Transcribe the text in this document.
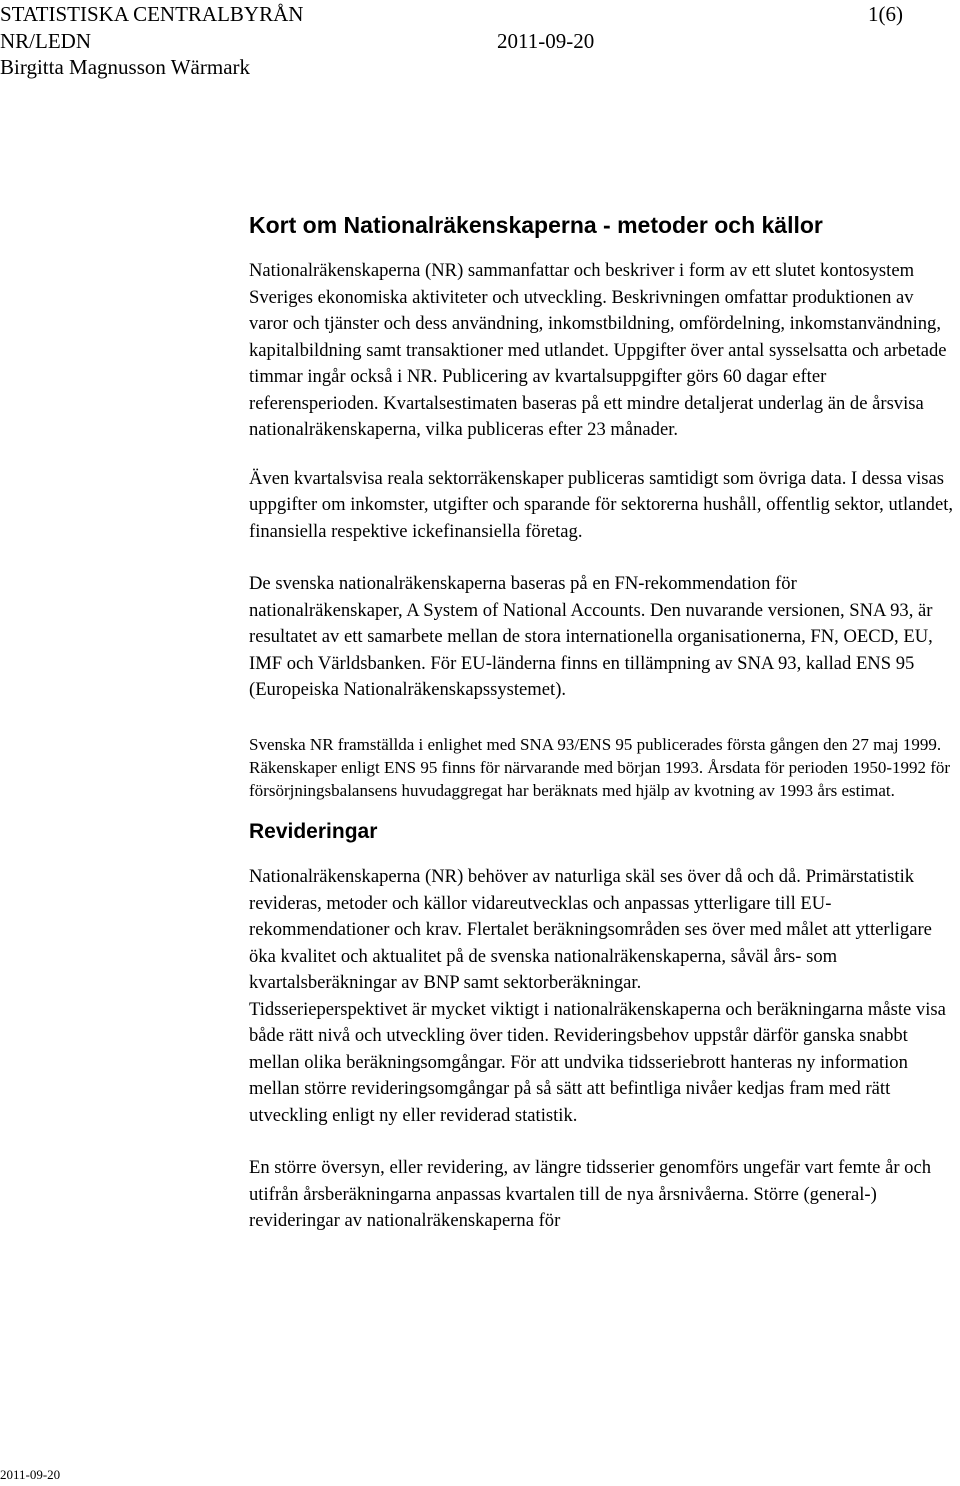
STATISTISKA CENTRALBYRÅN	1(6)
NR/LEDN	2011-09-20
Birgitta Magnusson Wärmark
Kort om Nationalräkenskaperna - metoder och källor

Nationalräkenskaperna (NR) sammanfattar och beskriver i form av ett slutet kontosystem Sveriges ekonomiska aktiviteter och utveckling. Beskrivningen omfattar produktionen av varor och tjänster och dess användning, inkomstbildning, omfördelning, inkomstanvändning, kapitalbildning samt transaktioner med utlandet. Uppgifter över antal sysselsatta och arbetade timmar ingår också i NR. Publicering av kvartalsuppgifter görs 60 dagar efter referensperioden. Kvartalsestimaten baseras på ett mindre detaljerat underlag än de årsvisa nationalräkenskaperna, vilka publiceras efter 23 månader.

Även kvartalsvisa reala sektorräkenskaper publiceras samtidigt som övriga data. I dessa visas uppgifter om inkomster, utgifter och sparande för sektorerna hushåll, offentlig sektor, utlandet, finansiella respektive ickefinansiella företag.

De svenska nationalräkenskaperna baseras på en FN-rekommendation för nationalräkenskaper, A System of National Accounts. Den nuvarande versionen, SNA 93, är resultatet av ett samarbete mellan de stora internationella organisationerna, FN, OECD, EU, IMF och Världsbanken. För EU-länderna finns en tillämpning av SNA 93, kallad ENS 95 (Europeiska Nationalräkenskapssystemet).

Svenska NR framställda i enlighet med SNA 93/ENS 95 publicerades första gången den 27 maj 1999. Räkenskaper enligt ENS 95 finns för närvarande med början 1993. Årsdata för perioden 1950-1992 för försörjningsbalansens huvudaggregat har beräknats med hjälp av kvotning av 1993 års estimat.

Revideringar

Nationalräkenskaperna (NR) behöver av naturliga skäl ses över då och då. Primärstatistik revideras, metoder och källor vidareutvecklas och anpassas ytterligare till EU-rekommendationer och krav. Flertalet beräkningsområden ses över med målet att ytterligare öka kvalitet och aktualitet på de svenska nationalräkenskaperna, såväl års- som kvartalsberäkningar av BNP samt sektorberäkningar.

Tidsserieperspektivet är mycket viktigt i nationalräkenskaperna och beräkningarna måste visa både rätt nivå och utveckling över tiden. Revideringsbehov uppstår därför ganska snabbt mellan olika beräkningsomgångar. För att undvika tidsseriebrott hanteras ny information mellan större revideringsomgångar på så sätt att befintliga nivåer kedjas fram med rätt utveckling enligt ny eller reviderad statistik.

En större översyn, eller revidering, av längre tidsserier genomförs ungefär vart femte år och utifrån årsberäkningarna anpassas kvartalen till de nya årsnivåerna. Större (general-) revideringar av nationalräkenskaperna för

2011-09-20
